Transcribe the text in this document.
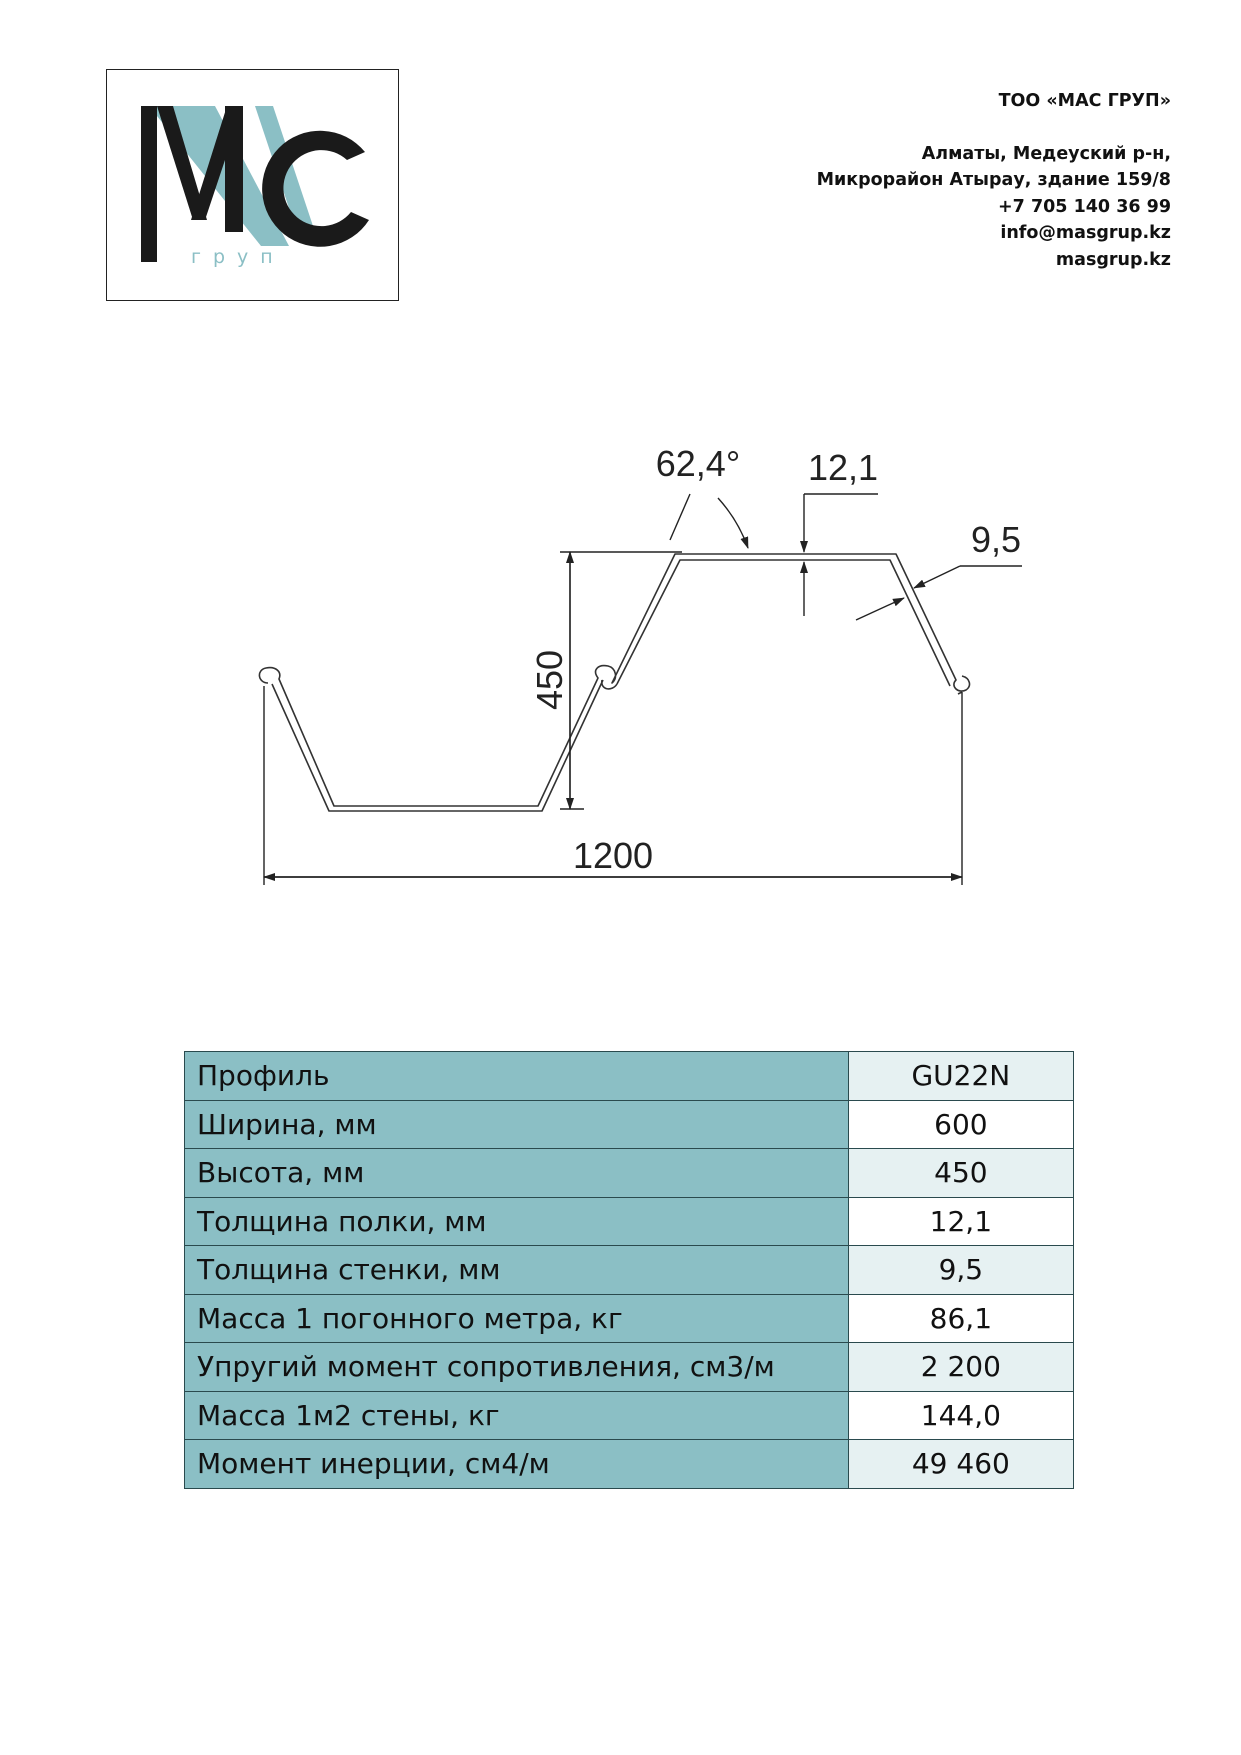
груп
ТОО «МАС ГРУП»
Алматы, Медеуский р-н,
Микрорайон Атырау, здание 159/8
+7 705 140 36 99
info@masgrup.kz
masgrup.kz
1200
450
62,4° 12,1
9,5
Профиль	GU22N
Ширина, мм	600
Высота, мм	450
Толщина полки, мм	12,1
Толщина стенки, мм	9,5
Масса 1 погонного метра, кг	86,1
Упругий момент сопротивления, см3/м	2 200
Масса 1м2 стены, кг	144,0
Момент инерции, см4/м	49 460
